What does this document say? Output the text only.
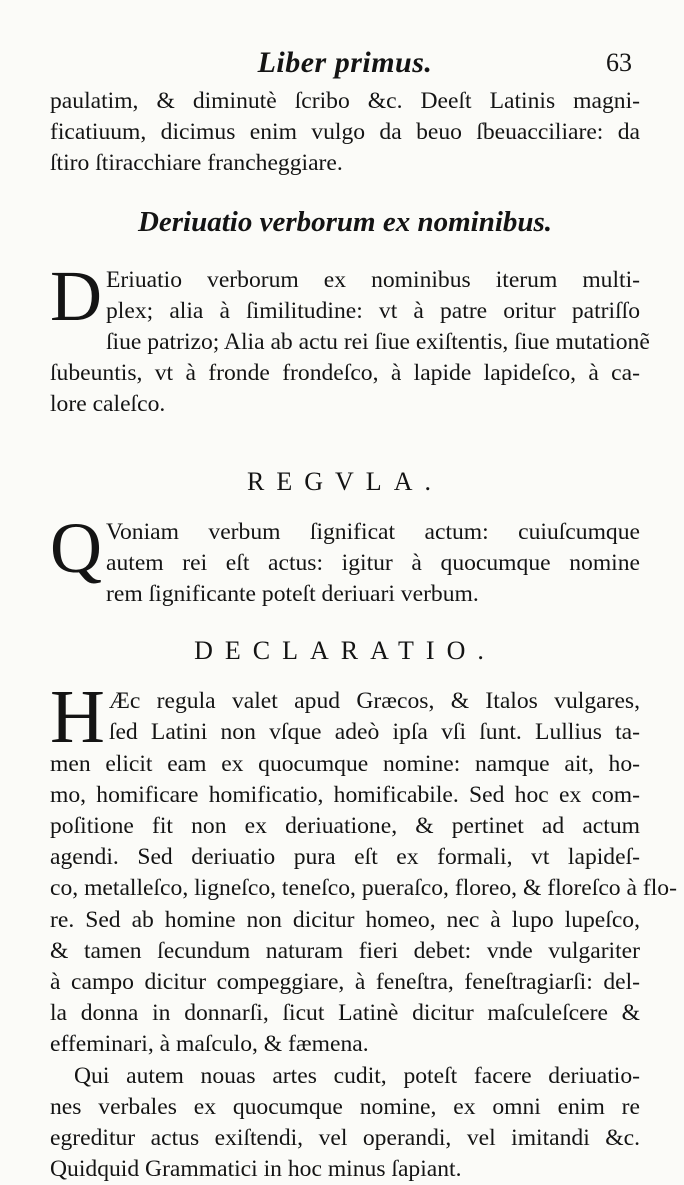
Liber primus.	63

paulatim, & diminutè ſcribo &c. Deeſt Latinis magni-
ficatiuum, dicimus enim vulgo da beuo ſbeuacciliare: da
ſtiro ſtiracchiare francheggiare.

Deriuatio verborum ex nominibus.
D Eriuatio verborum ex nominibus iterum multi-
plex; alia à ſimilitudine: vt à patre oritur patriſſo
ſiue patrizo; Alia ab actu rei ſiue exiſtentis, ſiue mutationẽ
ſubeuntis, vt à fronde frondeſco, à lapide lapideſco, à ca-
lore caleſco.
REGVLA.
Q Voniam verbum ſignificat actum: cuiuſcumque
autem rei eſt actus: igitur à quocumque nomine
rem ſignificante poteſt deriuari verbum.
DECLARATIO.
H Æc regula valet apud Græcos, & Italos vulgares,
ſed Latini non vſque adeò ipſa vſi ſunt. Lullius ta-
men elicit eam ex quocumque nomine: namque ait, ho-
mo, homificare homificatio, homificabile. Sed hoc ex com-
poſitione fit non ex deriuatione, & pertinet ad actum
agendi. Sed deriuatio pura eſt ex formali, vt lapideſ-
co, metalleſco, ligneſco, teneſco, pueraſco, floreo, & floreſco à flo-
re. Sed ab homine non dicitur homeo, nec à lupo lupeſco,
& tamen ſecundum naturam fieri debet: vnde vulgariter
à campo dicitur compeggiare, à feneſtra, feneſtragiarſi: del-
la donna in donnarſi, ſicut Latinè dicitur maſculeſcere &
effeminari, à maſculo, & fæmena.
Qui autem nouas artes cudit, poteſt facere deriuatio-
nes verbales ex quocumque nomine, ex omni enim re
egreditur actus exiſtendi, vel operandi, vel imitandi &c.
Quidquid Grammatici in hoc minus ſapiant.
